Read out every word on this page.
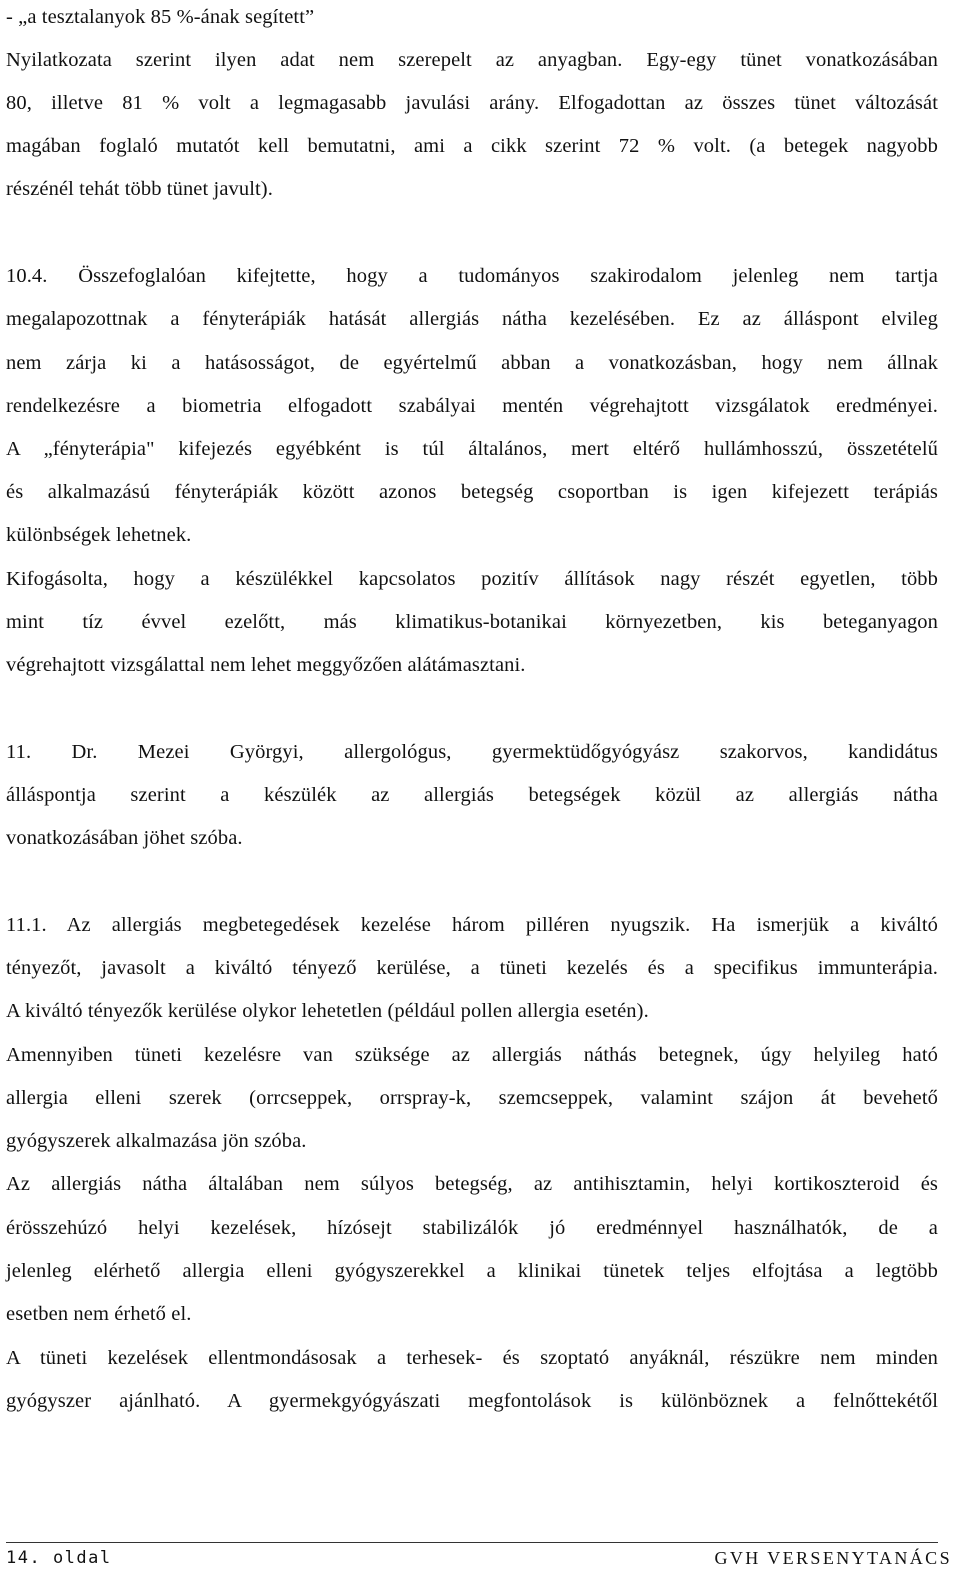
- „a tesztalanyok 85 %-ának segített”
Nyilatkozata szerint ilyen adat nem szerepelt az anyagban. Egy-egy tünet vonatkozásában
80, illetve 81 % volt a legmagasabb javulási arány. Elfogadottan az összes tünet változását
magában foglaló mutatót kell bemutatni, ami a cikk szerint 72 % volt. (a betegek nagyobb
részénél tehát több tünet javult).
10.4. Összefoglalóan kifejtette, hogy a tudományos szakirodalom jelenleg nem tartja
megalapozottnak a fényterápiák hatását allergiás nátha kezelésében. Ez az álláspont elvileg
nem zárja ki a hatásosságot, de egyértelmű abban a vonatkozásban, hogy nem állnak
rendelkezésre a biometria elfogadott szabályai mentén végrehajtott vizsgálatok eredményei.
A „fényterápia" kifejezés egyébként is túl általános, mert eltérő hullámhosszú, összetételű
és alkalmazású fényterápiák között azonos betegség csoportban is igen kifejezett terápiás
különbségek lehetnek.
Kifogásolta, hogy a készülékkel kapcsolatos pozitív állítások nagy részét egyetlen, több
mint tíz évvel ezelőtt, más klimatikus-botanikai környezetben, kis beteganyagon
végrehajtott vizsgálattal nem lehet meggyőzően alátámasztani.
11. Dr. Mezei Györgyi, allergológus, gyermektüdőgyógyász szakorvos, kandidátus
álláspontja szerint a készülék az allergiás betegségek közül az allergiás nátha
vonatkozásában jöhet szóba.
11.1. Az allergiás megbetegedések kezelése három pilléren nyugszik. Ha ismerjük a kiváltó
tényezőt, javasolt a kiváltó tényező kerülése, a tüneti kezelés és a specifikus immunterápia.
A kiváltó tényezők kerülése olykor lehetetlen (például pollen allergia esetén).
Amennyiben tüneti kezelésre van szüksége az allergiás náthás betegnek, úgy helyileg ható
allergia elleni szerek (orrcseppek, orrspray-k, szemcseppek, valamint szájon át bevehető
gyógyszerek alkalmazása jön szóba.
Az allergiás nátha általában nem súlyos betegség, az antihisztamin, helyi kortikoszteroid és
érösszehúzó helyi kezelések, hízósejt stabilizálók jó eredménnyel használhatók, de a
jelenleg elérhető allergia elleni gyógyszerekkel a klinikai tünetek teljes elfojtása a legtöbb
esetben nem érhető el.
A tüneti kezelések ellentmondásosak a terhesek- és szoptató anyáknál, részükre nem minden
gyógyszer ajánlható. A gyermekgyógyászati megfontolások is különböznek a felnőttekétől
14. oldal	GVH VERSENYTANÁCS
